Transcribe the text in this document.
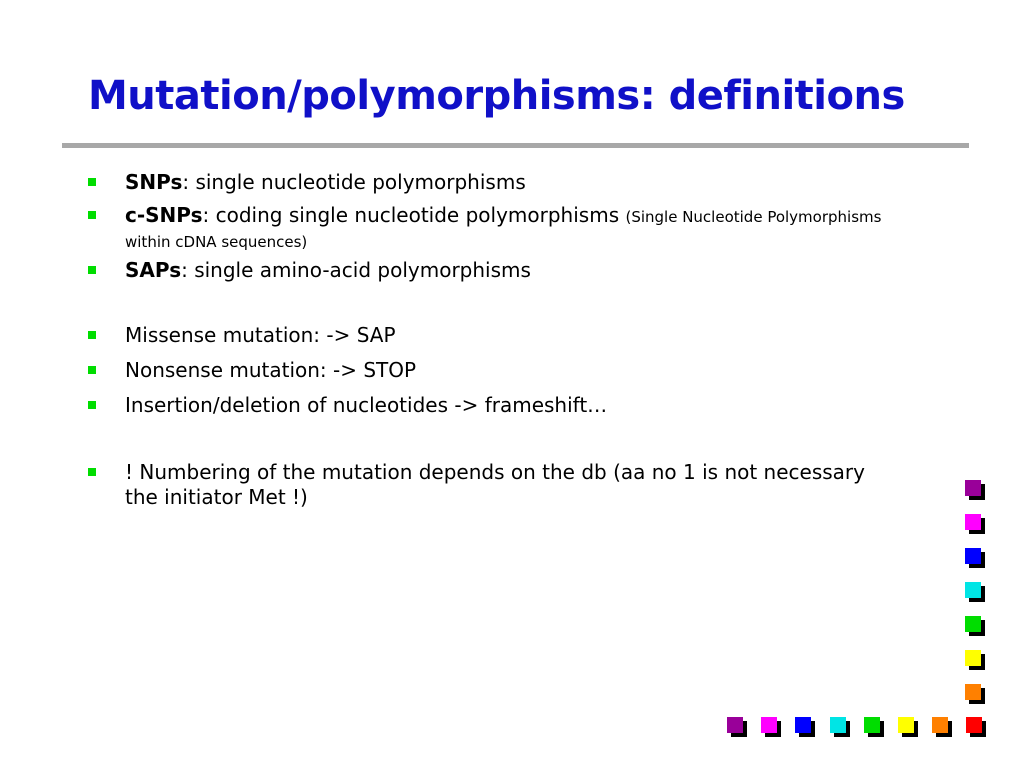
Mutation/polymorphisms: definitions
SNPs: single nucleotide polymorphisms
c-SNPs: coding single nucleotide polymorphisms (Single Nucleotide Polymorphisms within cDNA sequences)
SAPs: single amino-acid polymorphisms
Missense mutation: -> SAP
Nonsense mutation: -> STOP
Insertion/deletion of nucleotides -> frameshift…
! Numbering of the mutation depends on the db (aa no 1 is not necessary the initiator Met !)
